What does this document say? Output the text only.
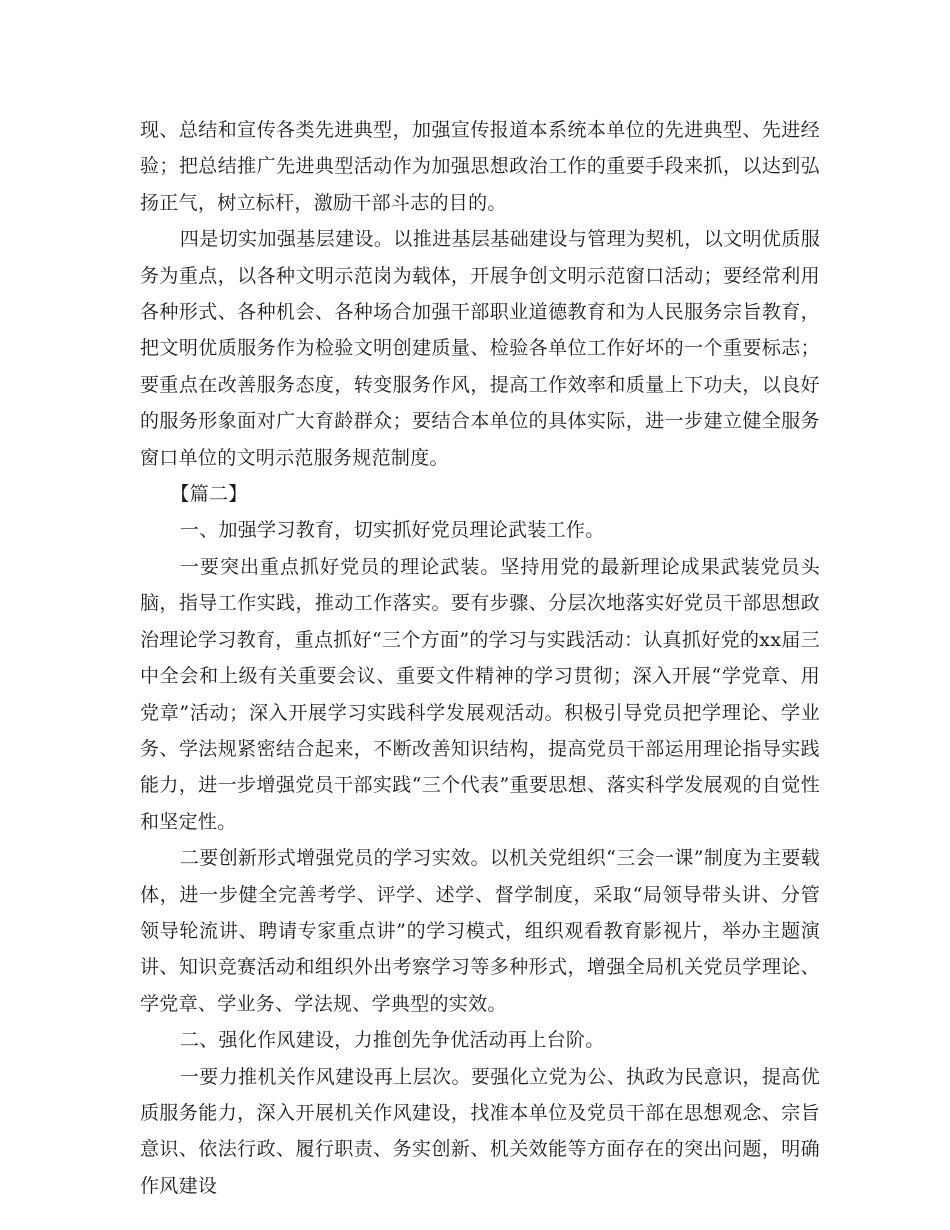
现、总结和宣传各类先进典型，加强宣传报道本系统本单位的先进典型、先进经验；把总结推广先进典型活动作为加强思想政治工作的重要手段来抓，以达到弘扬正气，树立标杆，激励干部斗志的目的。

四是切实加强基层建设。以推进基层基础建设与管理为契机，以文明优质服务为重点，以各种文明示范岗为载体，开展争创文明示范窗口活动；要经常利用各种形式、各种机会、各种场合加强干部职业道德教育和为人民服务宗旨教育，把文明优质服务作为检验文明创建质量、检验各单位工作好坏的一个重要标志；要重点在改善服务态度，转变服务作风，提高工作效率和质量上下功夫，以良好的服务形象面对广大育龄群众；要结合本单位的具体实际，进一步建立健全服务窗口单位的文明示范服务规范制度。

【篇二】

一、加强学习教育，切实抓好党员理论武装工作。

一要突出重点抓好党员的理论武装。坚持用党的最新理论成果武装党员头脑，指导工作实践，推动工作落实。要有步骤、分层次地落实好党员干部思想政治理论学习教育，重点抓好“三个方面”的学习与实践活动：认真抓好党的xx届三中全会和上级有关重要会议、重要文件精神的学习贯彻；深入开展“学党章、用党章”活动；深入开展学习实践科学发展观活动。积极引导党员把学理论、学业务、学法规紧密结合起来，不断改善知识结构，提高党员干部运用理论指导实践能力，进一步增强党员干部实践“三个代表”重要思想、落实科学发展观的自觉性和坚定性。

二要创新形式增强党员的学习实效。以机关党组织“三会一课”制度为主要载体，进一步健全完善考学、评学、述学、督学制度，采取“局领导带头讲、分管领导轮流讲、聘请专家重点讲”的学习模式，组织观看教育影视片，举办主题演讲、知识竞赛活动和组织外出考察学习等多种形式，增强全局机关党员学理论、学党章、学业务、学法规、学典型的实效。

二、强化作风建设，力推创先争优活动再上台阶。

一要力推机关作风建设再上层次。要强化立党为公、执政为民意识，提高优质服务能力，深入开展机关作风建设，找准本单位及党员干部在思想观念、宗旨意识、依法行政、履行职责、务实创新、机关效能等方面存在的突出问题，明确作风建设
